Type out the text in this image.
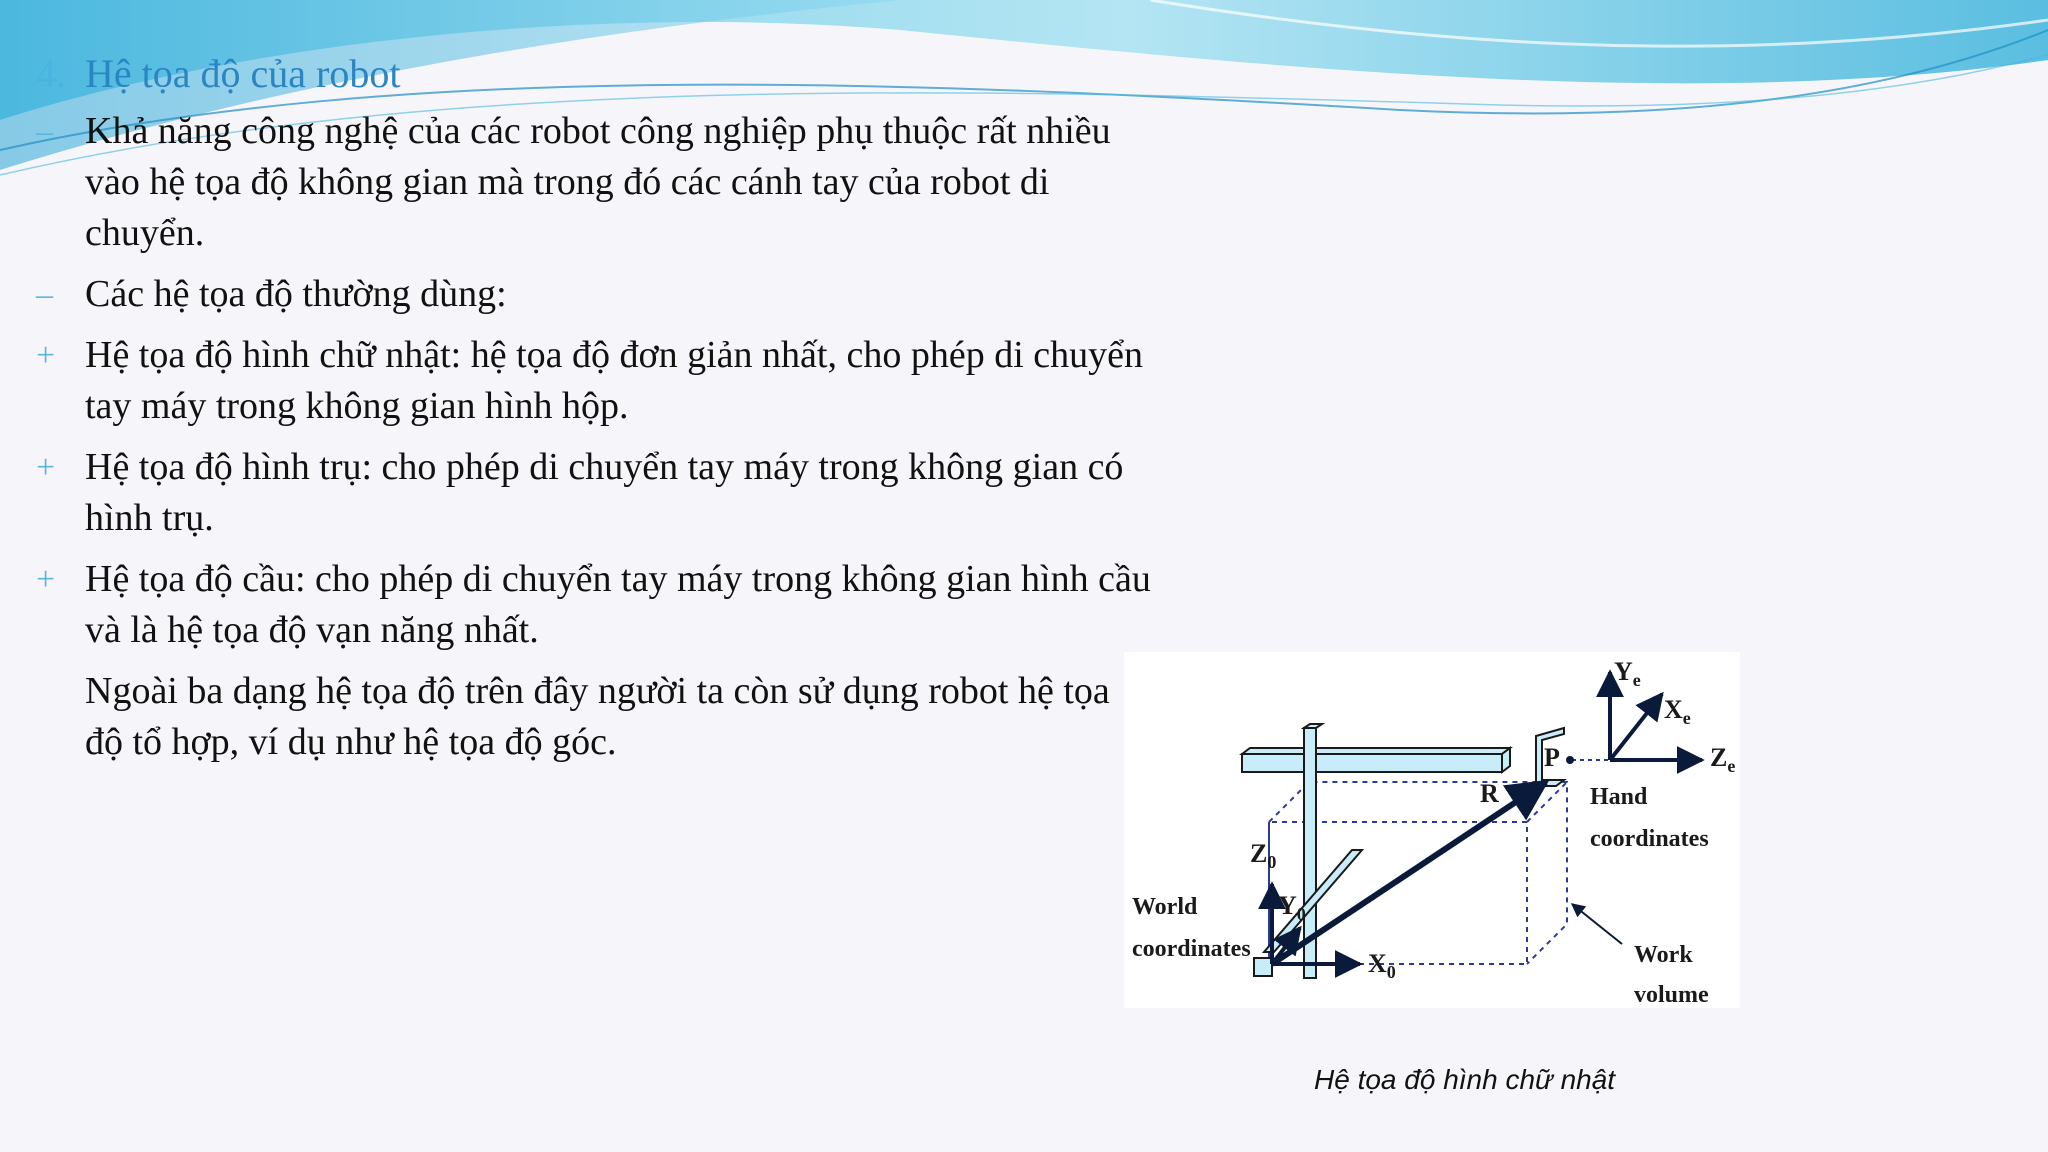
4. Hệ tọa độ của robot
– Khả năng công nghệ của các robot công nghiệp phụ thuộc rất nhiều vào hệ tọa độ không gian mà trong đó các cánh tay của robot di chuyển.
– Các hệ tọa độ thường dùng:
+ Hệ tọa độ hình chữ nhật: hệ tọa độ đơn giản nhất, cho phép di chuyển tay máy trong không gian hình hộp.
+ Hệ tọa độ hình trụ: cho phép di chuyển tay máy trong không gian có hình trụ.
+ Hệ tọa độ cầu: cho phép di chuyển tay máy trong không gian hình cầu và là hệ tọa độ vạn năng nhất.
Ngoài ba dạng hệ tọa độ trên đây người ta còn sử dụng robot hệ tọa độ tổ hợp, ví dụ như hệ tọa độ góc.
$Y_e$
$X_e$
$Z_e$
P
R	Hand
coordinates
$Z_0$
$Y_0$
$X_0$
World
coordinates	Work
volume
Hệ tọa độ hình chữ nhật
